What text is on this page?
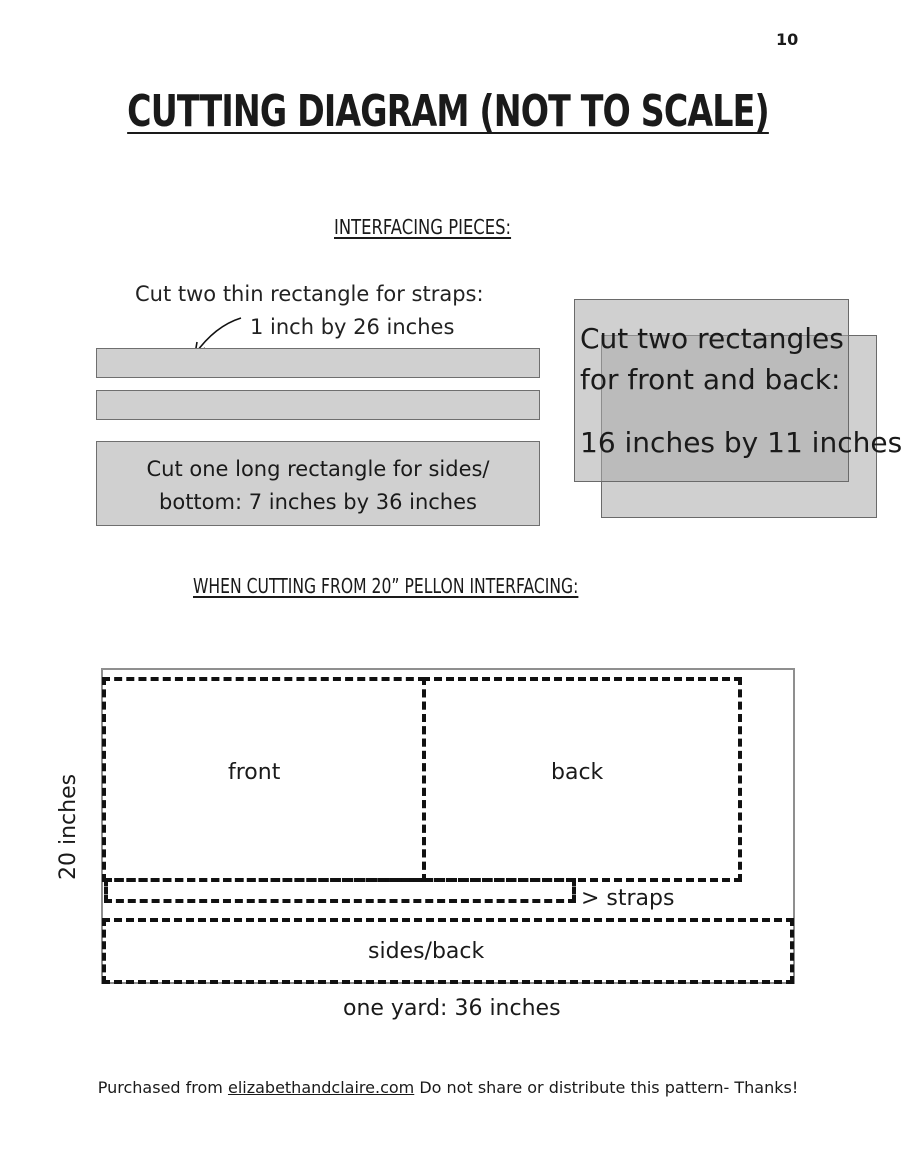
10
CUTTING DIAGRAM (NOT TO SCALE)
INTERFACING PIECES:
Cut two thin rectangle for straps:
1 inch by 26 inches
Cut one long rectangle for sides/
bottom: 7 inches by 36 inches
Cut two rectangles
for front and back:
16 inches by 11 inches
WHEN CUTTING FROM 20” PELLON INTERFACING:
front	back
> straps
sides/back
one yard: 36 inches
20 inches
Purchased from elizabethandclaire.com Do not share or distribute this pattern- Thanks!
